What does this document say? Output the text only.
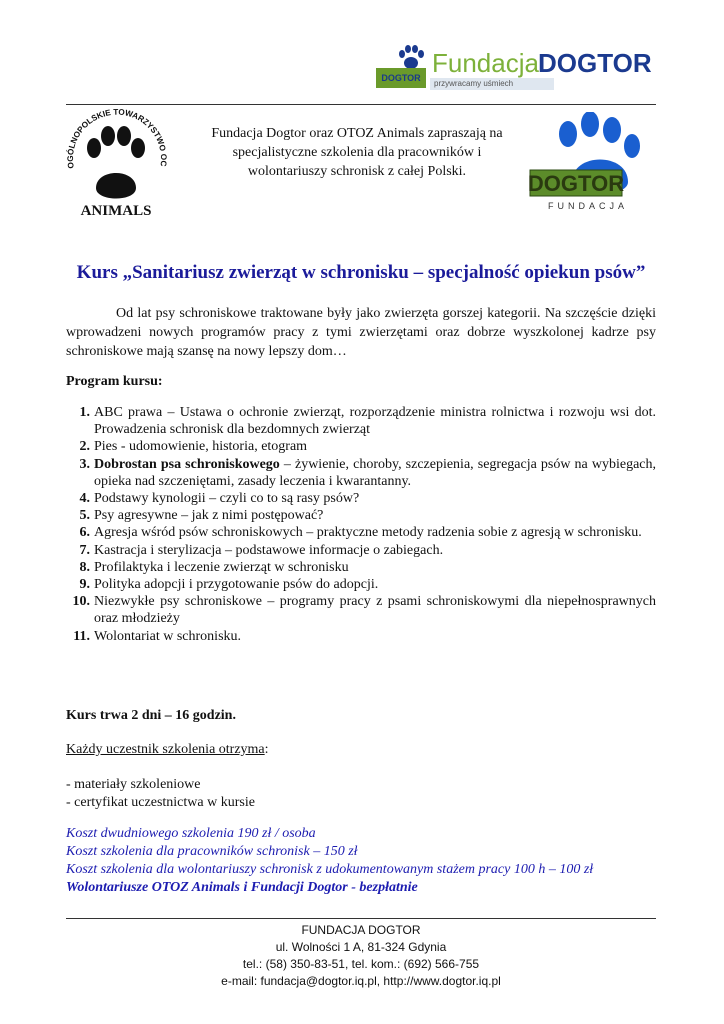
DOGTOR Fundacja DOGTOR
przywracamy uśmiech
OGÓLNOPOLSKIE TOWARZYSTWO OC
ANIMALS
Fundacja Dogtor oraz OTOZ Animals zapraszają na
specjalistyczne szkolenia dla pracowników i
wolontariuszy schronisk z całej Polski.	DOGTOR
FUNDACJA
Kurs „Sanitariusz zwierząt w schronisku – specjalność opiekun psów”
Od lat psy schroniskowe traktowane były jako zwierzęta gorszej kategorii. Na szczęście dzięki wprowadzeni nowych programów pracy z tymi zwierzętami oraz dobrze wyszkolonej kadrze psy schroniskowe mają szansę na nowy lepszy dom…
Program kursu:
1. ABC prawa – Ustawa o ochronie zwierząt, rozporządzenie ministra rolnictwa i rozwoju wsi dot. Prowadzenia schronisk dla bezdomnych zwierząt
2. Pies - udomowienie, historia, etogram
3. Dobrostan psa schroniskowego – żywienie, choroby, szczepienia, segregacja psów na wybiegach, opieka nad szczeniętami, zasady leczenia i kwarantanny.
4. Podstawy kynologii – czyli co to są rasy psów?
5. Psy agresywne – jak z nimi postępować?
6. Agresja wśród psów schroniskowych – praktyczne metody radzenia sobie z agresją w schronisku.
7. Kastracja i sterylizacja – podstawowe informacje o zabiegach.
8. Profilaktyka i leczenie zwierząt w schronisku
9. Polityka adopcji i przygotowanie psów do adopcji.
10. Niezwykłe psy schroniskowe – programy pracy z psami schroniskowymi dla niepełnosprawnych oraz młodzieży
11. Wolontariat w schronisku.
Kurs trwa 2 dni – 16 godzin.
Każdy uczestnik szkolenia otrzyma:
- materiały szkoleniowe
- certyfikat uczestnictwa w kursie
Koszt dwudniowego szkolenia 190 zł / osoba
Koszt szkolenia dla pracowników schronisk – 150 zł
Koszt szkolenia dla wolontariuszy schronisk z udokumentowanym stażem pracy 100 h – 100 zł
Wolontariusze OTOZ Animals i Fundacji Dogtor - bezpłatnie
FUNDACJA DOGTOR
ul. Wolności 1 A, 81-324 Gdynia
tel.: (58) 350-83-51, tel. kom.: (692) 566-755
e-mail: fundacja@dogtor.iq.pl, http://www.dogtor.iq.pl
